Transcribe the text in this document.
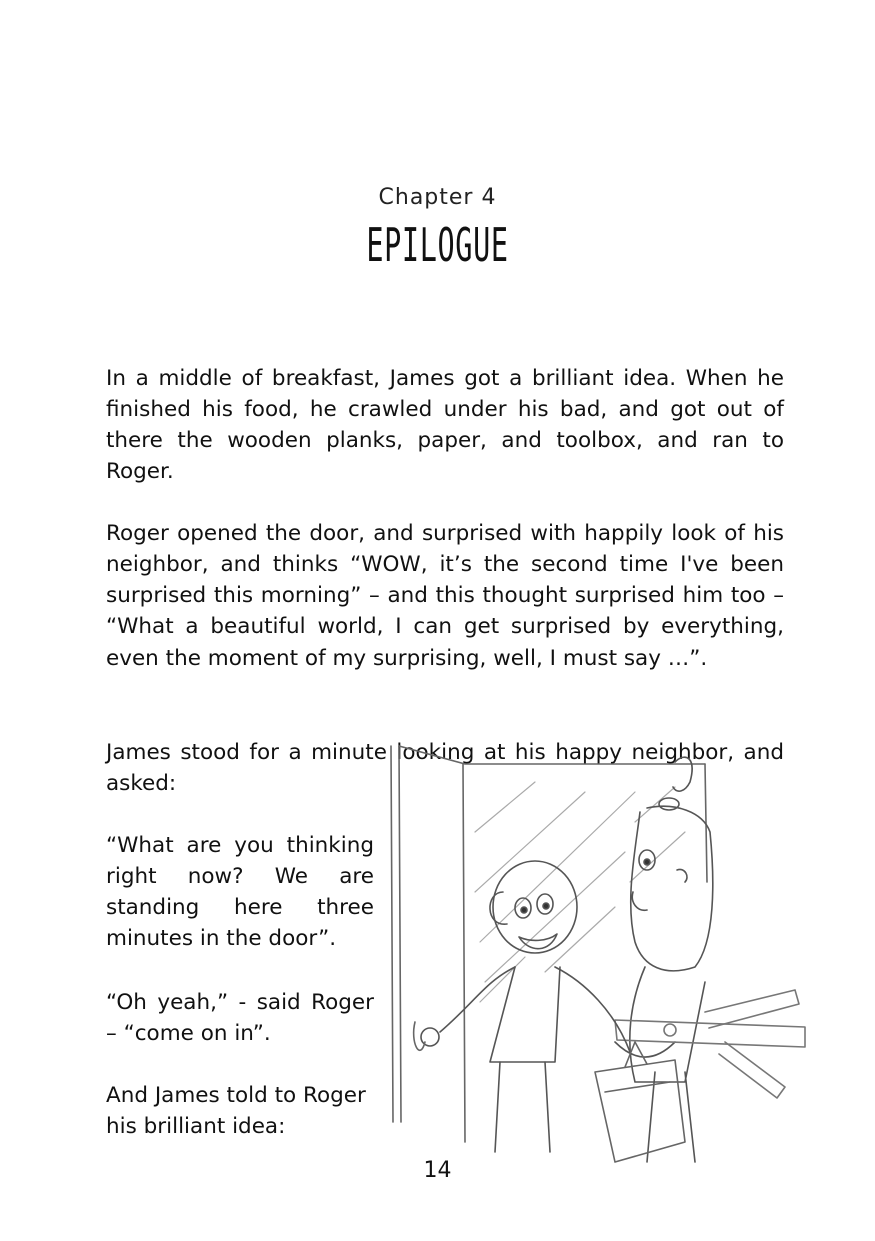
Chapter 4
EPILOGUE

In a middle of breakfast, James got a brilliant idea. When he finished his food, he crawled under his bad, and got out of there the wooden planks, paper, and toolbox, and ran to Roger.

Roger opened the door, and surprised with happily look of his neighbor, and thinks “WOW, it’s the second time I've been surprised this morning” – and this thought surprised him too – “What a beautiful world, I can get surprised by everything, even the moment of my surprising, well, I must say …”.

James stood for a minute looking at his happy neighbor, and asked:

“What are you thinking right now? We are standing here three minutes in the door”.

“Oh yeah,” - said Roger – “come on in”.

And James told to Roger his brilliant idea:

14
